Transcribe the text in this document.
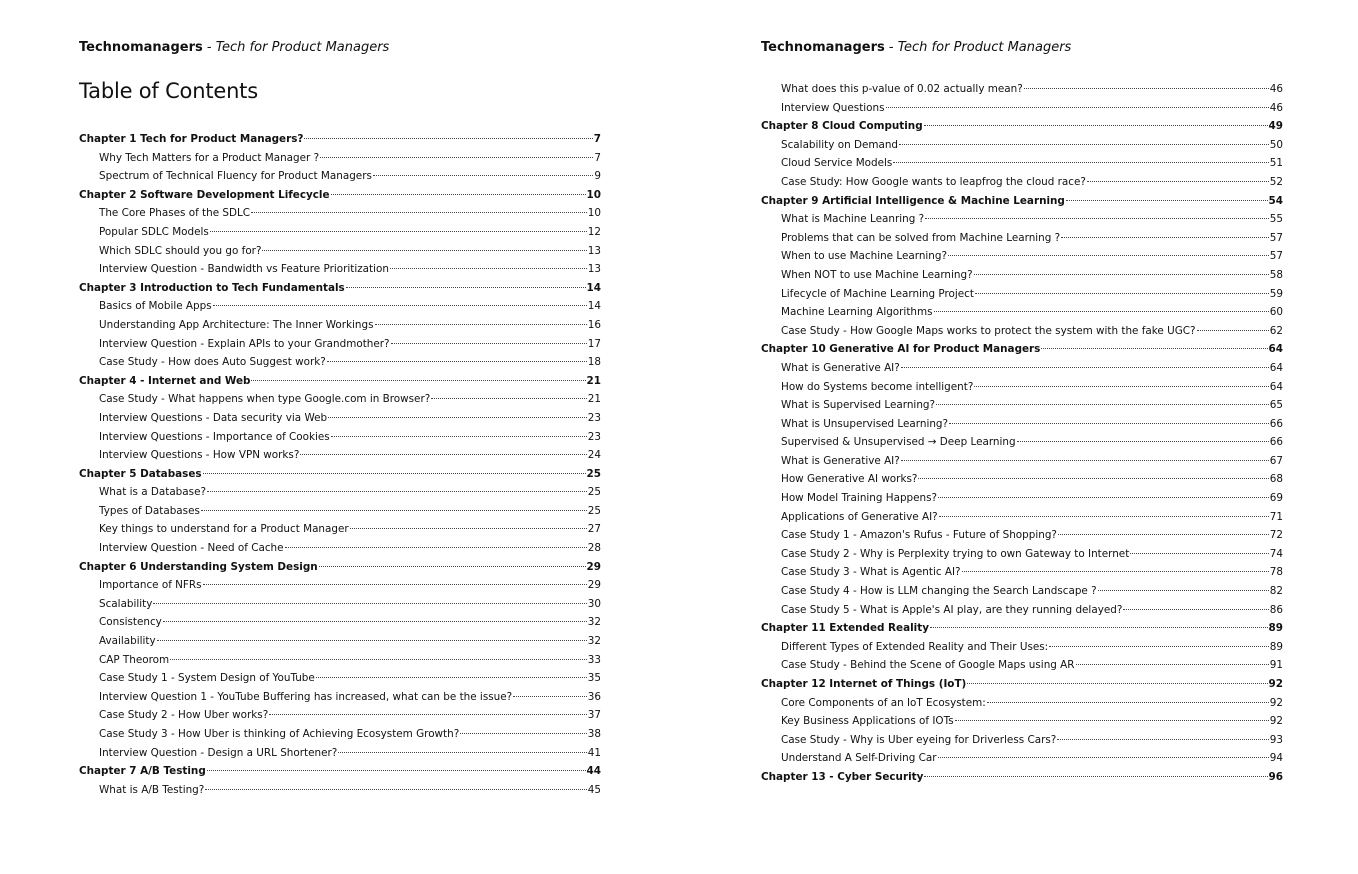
Technomanagers - Tech for Product Managers
Table of Contents
Chapter 1 Tech for Product Managers?	7
Why Tech Matters for a Product Manager ?	7
Spectrum of Technical Fluency for Product Managers	9
Chapter 2 Software Development Lifecycle	10
The Core Phases of the SDLC	10
Popular SDLC Models	12
Which SDLC should you go for?	13
Interview Question - Bandwidth vs Feature Prioritization	13
Chapter 3 Introduction to Tech Fundamentals	14
Basics of Mobile Apps	14
Understanding App Architecture: The Inner Workings	16
Interview Question - Explain APIs to your Grandmother?	17
Case Study - How does Auto Suggest work?	18
Chapter 4 - Internet and Web	21
Case Study - What happens when type Google.com in Browser?	21
Interview Questions - Data security via Web	23
Interview Questions - Importance of Cookies	23
Interview Questions - How VPN works?	24
Chapter 5 Databases	25
What is a Database?	25
Types of Databases	25
Key things to understand for a Product Manager	27
Interview Question - Need of Cache	28
Chapter 6 Understanding System Design	29
Importance of NFRs	29
Scalability	30
Consistency	32
Availability	32
CAP Theorom	33
Case Study 1 - System Design of YouTube	35
Interview Question 1 - YouTube Buffering has increased, what can be the issue?	36
Case Study 2 - How Uber works?	37
Case Study 3 - How Uber is thinking of Achieving Ecosystem Growth?	38
Interview Question - Design a URL Shortener?	41
Chapter 7 A/B Testing	44
What is A/B Testing?	45
Technomanagers - Tech for Product Managers
What does this p-value of 0.02 actually mean?	46
Interview Questions	46
Chapter 8 Cloud Computing	49
Scalability on Demand	50
Cloud Service Models	51
Case Study: How Google wants to leapfrog the cloud race?	52
Chapter 9 Artificial Intelligence & Machine Learning	54
What is Machine Leanring ?	55
Problems that can be solved from Machine Learning ?	57
When to use Machine Learning?	57
When NOT to use Machine Learning?	58
Lifecycle of Machine Learning Project	59
Machine Learning Algorithms	60
Case Study - How Google Maps works to protect the system with the fake UGC?	62
Chapter 10 Generative AI for Product Managers	64
What is Generative AI?	64
How do Systems become intelligent?	64
What is Supervised Learning?	65
What is Unsupervised Learning?	66
Supervised & Unsupervised → Deep Learning	66
What is Generative AI?	67
How Generative AI works?	68
How Model Training Happens?	69
Applications of Generative AI?	71
Case Study 1 - Amazon's Rufus - Future of Shopping?	72
Case Study 2 - Why is Perplexity trying to own Gateway to Internet	74
Case Study 3 - What is Agentic AI?	78
Case Study 4 - How is LLM changing the Search Landscape ?	82
Case Study 5 - What is Apple's AI play, are they running delayed?	86
Chapter 11 Extended Reality	89
Different Types of Extended Reality and Their Uses:	89
Case Study - Behind the Scene of Google Maps using AR	91
Chapter 12 Internet of Things (IoT)	92
Core Components of an IoT Ecosystem:	92
Key Business Applications of IOTs	92
Case Study - Why is Uber eyeing for Driverless Cars?	93
Understand A Self-Driving Car	94
Chapter 13 - Cyber Security	96
